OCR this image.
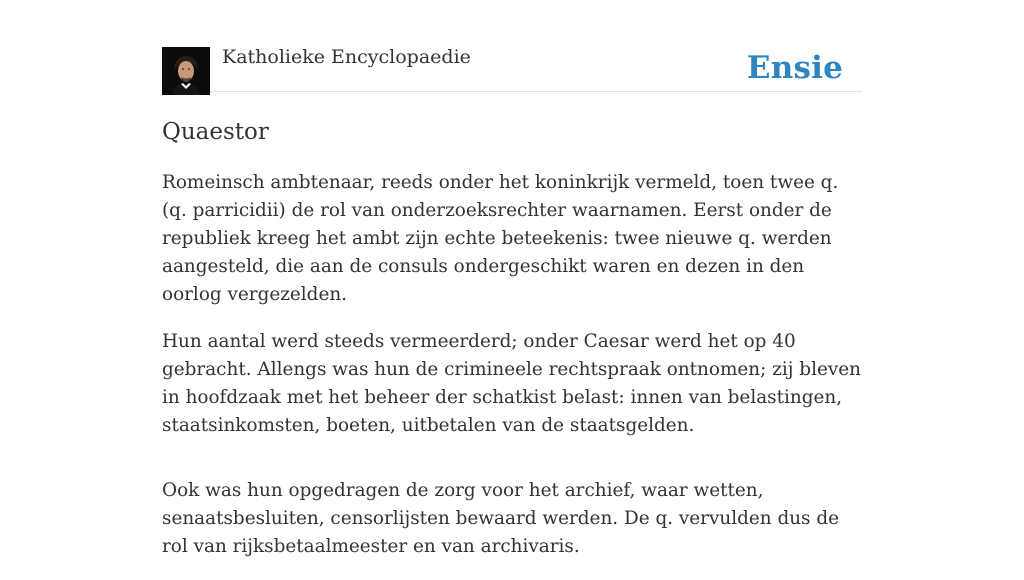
Katholieke Encyclopaedie	Ensie
Quaestor

Romeinsch ambtenaar, reeds onder het koninkrijk vermeld, toen twee q. (q. parricidii) de rol van onderzoeksrechter waarnamen. Eerst onder de republiek kreeg het ambt zijn echte beteekenis: twee nieuwe q. werden aangesteld, die aan de consuls ondergeschikt waren en dezen in den oorlog vergezelden.

Hun aantal werd steeds vermeerderd; onder Caesar werd het op 40 gebracht. Allengs was hun de crimineele rechtspraak ontnomen; zij bleven in hoofdzaak met het beheer der schatkist belast: innen van belastingen, staatsinkomsten, boeten, uitbetalen van de staatsgelden.

Ook was hun opgedragen de zorg voor het archief, waar wetten, senaatsbesluiten, censorlijsten bewaard werden. De q. vervulden dus de rol van rijksbetaalmeester en van archivaris.
